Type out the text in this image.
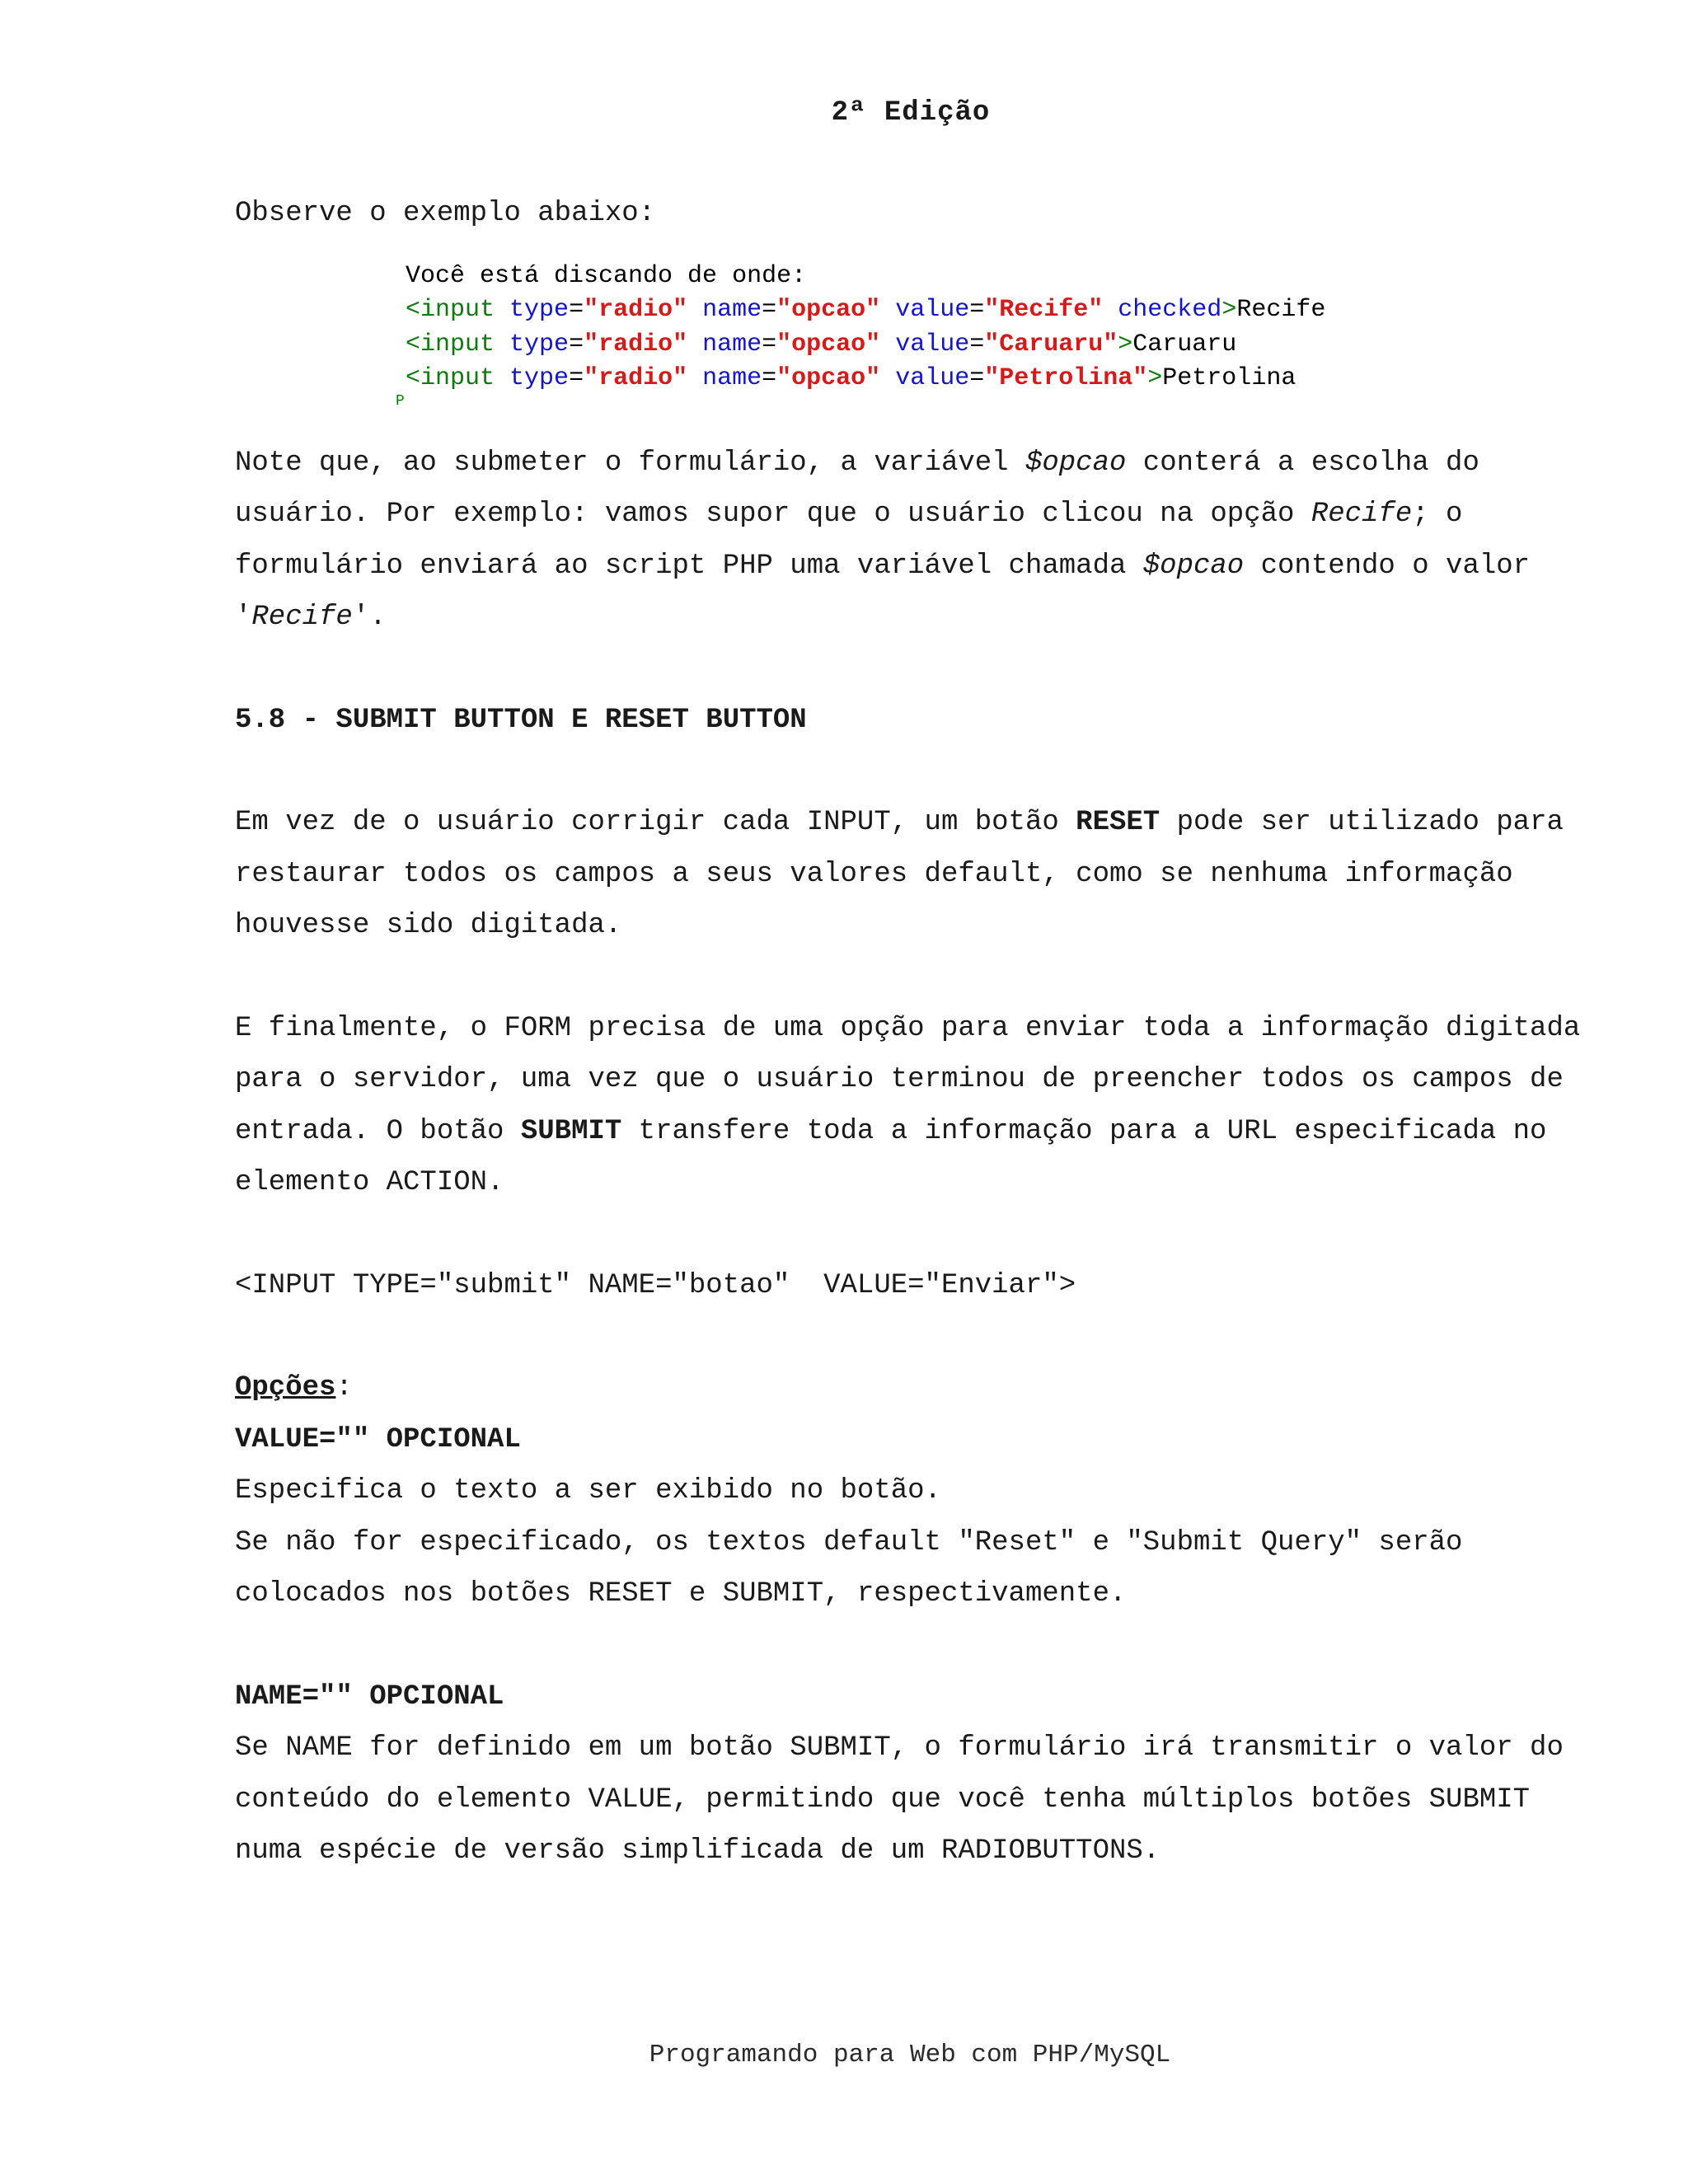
2ª Edição

Observe o exemplo abaixo:

Você está discando de onde:
<input type="radio" name="opcao" value="Recife" checked>Recife
<input type="radio" name="opcao" value="Caruaru">Caruaru
<input type="radio" name="opcao" value="Petrolina">Petrolina
P

Note que, ao submeter o formulário, a variável $opcao conterá a escolha do usuário. Por exemplo: vamos supor que o usuário clicou na opção Recife; o formulário enviará ao script PHP uma variável chamada $opcao contendo o valor 'Recife'.

5.8 - SUBMIT BUTTON E RESET BUTTON

Em vez de o usuário corrigir cada INPUT, um botão RESET pode ser utilizado para restaurar todos os campos a seus valores default, como se nenhuma informação houvesse sido digitada.

E finalmente, o FORM precisa de uma opção para enviar toda a informação digitada para o servidor, uma vez que o usuário terminou de preencher todos os campos de entrada. O botão SUBMIT transfere toda a informação para a URL especificada no elemento ACTION.

<INPUT TYPE="submit" NAME="botao"  VALUE="Enviar">

Opções:

VALUE="" OPCIONAL

Especifica o texto a ser exibido no botão.

Se não for especificado, os textos default "Reset" e "Submit Query" serão colocados nos botões RESET e SUBMIT, respectivamente.

NAME="" OPCIONAL

Se NAME for definido em um botão SUBMIT, o formulário irá transmitir o valor do conteúdo do elemento VALUE, permitindo que você tenha múltiplos botões SUBMIT numa espécie de versão simplificada de um RADIOBUTTONS.

Programando para Web com PHP/MySQL
